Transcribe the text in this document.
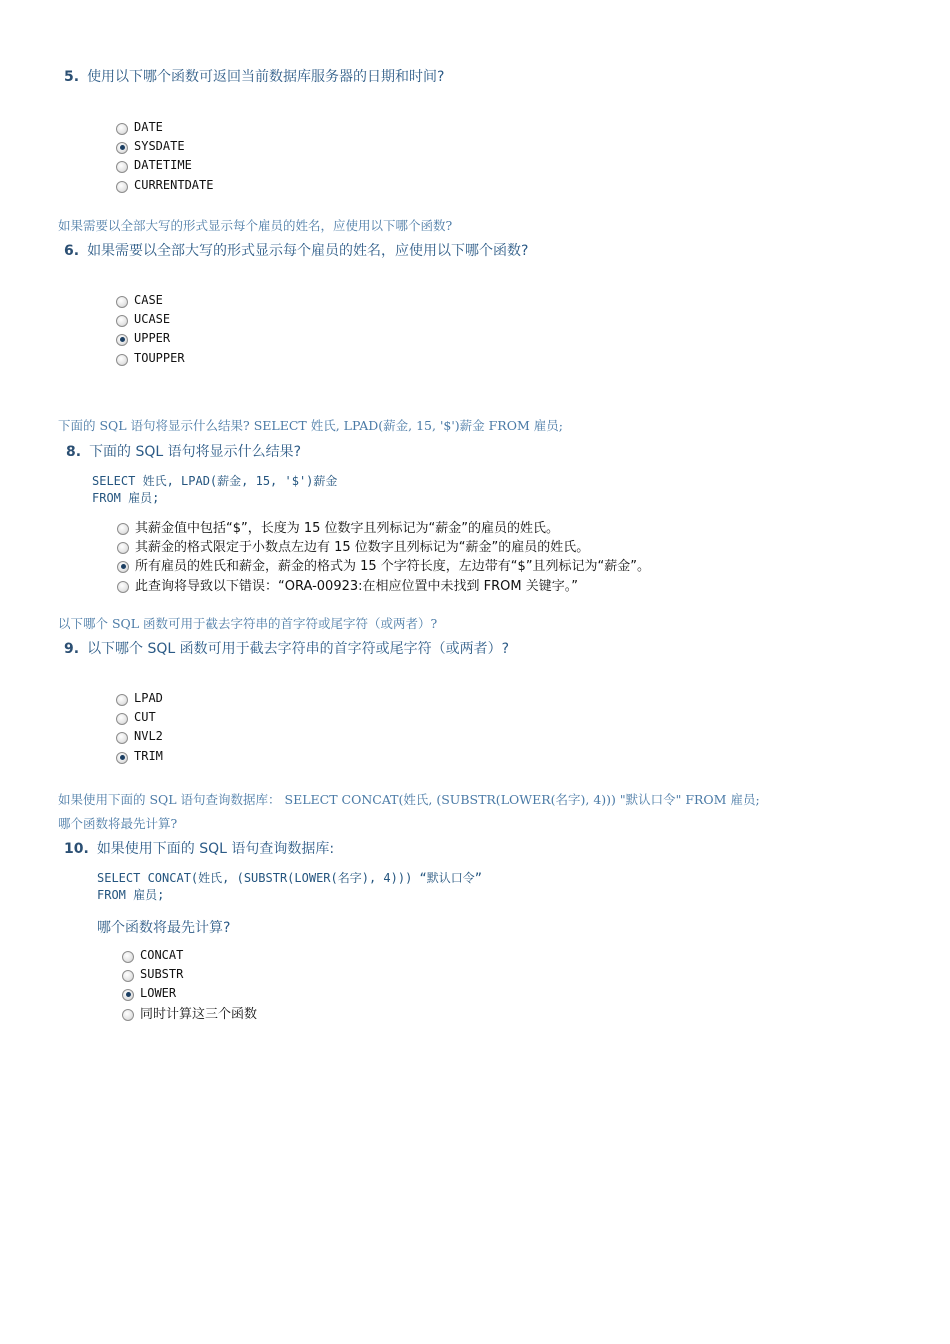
5. 使用以下哪个函数可返回当前数据库服务器的日期和时间?
DATE
SYSDATE
DATETIME
CURRENTDATE
如果需要以全部大写的形式显示每个雇员的姓名，应使用以下哪个函数?
6. 如果需要以全部大写的形式显示每个雇员的姓名，应使用以下哪个函数?
CASE
UCASE
UPPER
TOUPPER
下面的 SQL 语句将显示什么结果? SELECT 姓氏, LPAD(薪金, 15, '$')薪金 FROM 雇员;
8. 下面的 SQL 语句将显示什么结果?
SELECT 姓氏, LPAD(薪金, 15, '$')薪金
FROM 雇员;
其薪金值中包括“$”，长度为 15 位数字且列标记为“薪金”的雇员的姓氏。
其薪金的格式限定于小数点左边有 15 位数字且列标记为“薪金”的雇员的姓氏。
所有雇员的姓氏和薪金，薪金的格式为 15 个字符长度，左边带有“$”且列标记为“薪金”。
此查询将导致以下错误：“ORA-00923:在相应位置中未找到 FROM 关键字。”
以下哪个 SQL 函数可用于截去字符串的首字符或尾字符（或两者）?
9. 以下哪个 SQL 函数可用于截去字符串的首字符或尾字符（或两者）?
LPAD
CUT
NVL2
TRIM
如果使用下面的 SQL 语句查询数据库： SELECT CONCAT(姓氏, (SUBSTR(LOWER(名字), 4))) "默认口令" FROM 雇员;
哪个函数将最先计算?
10. 如果使用下面的 SQL 语句查询数据库:
SELECT CONCAT(姓氏, (SUBSTR(LOWER(名字), 4))) “默认口令”
FROM 雇员;
哪个函数将最先计算?
CONCAT
SUBSTR
LOWER
同时计算这三个函数
